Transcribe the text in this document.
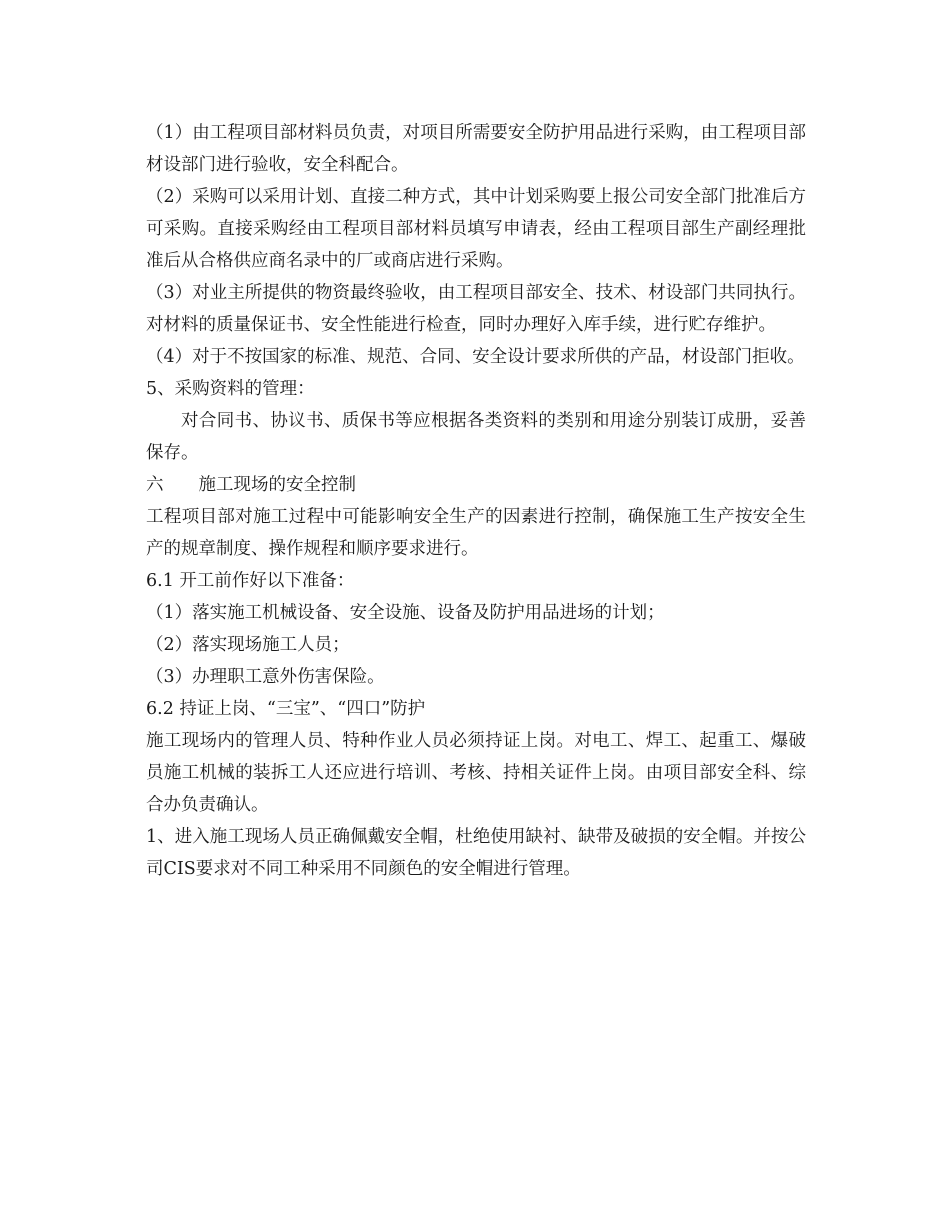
（1）由工程项目部材料员负责，对项目所需要安全防护用品进行采购，由工程项目部材设部门进行验收，安全科配合。

（2）采购可以采用计划、直接二种方式，其中计划采购要上报公司安全部门批准后方可采购。直接采购经由工程项目部材料员填写申请表，经由工程项目部生产副经理批准后从合格供应商名录中的厂或商店进行采购。

（3）对业主所提供的物资最终验收，由工程项目部安全、技术、材设部门共同执行。对材料的质量保证书、安全性能进行检查，同时办理好入库手续，进行贮存维护。

（4）对于不按国家的标准、规范、合同、安全设计要求所供的产品，材设部门拒收。

5、采购资料的管理：

对合同书、协议书、质保书等应根据各类资料的类别和用途分别装订成册，妥善保存。

六　　施工现场的安全控制

工程项目部对施工过程中可能影响安全生产的因素进行控制，确保施工生产按安全生产的规章制度、操作规程和顺序要求进行。

6.1 开工前作好以下准备：

（1）落实施工机械设备、安全设施、设备及防护用品进场的计划；

（2）落实现场施工人员；

（3）办理职工意外伤害保险。

6.2 持证上岗、“三宝”、“四口”防护

施工现场内的管理人员、特种作业人员必须持证上岗。对电工、焊工、起重工、爆破员施工机械的装拆工人还应进行培训、考核、持相关证件上岗。由项目部安全科、综合办负责确认。

1、进入施工现场人员正确佩戴安全帽，杜绝使用缺衬、缺带及破损的安全帽。并按公司CIS要求对不同工种采用不同颜色的安全帽进行管理。
